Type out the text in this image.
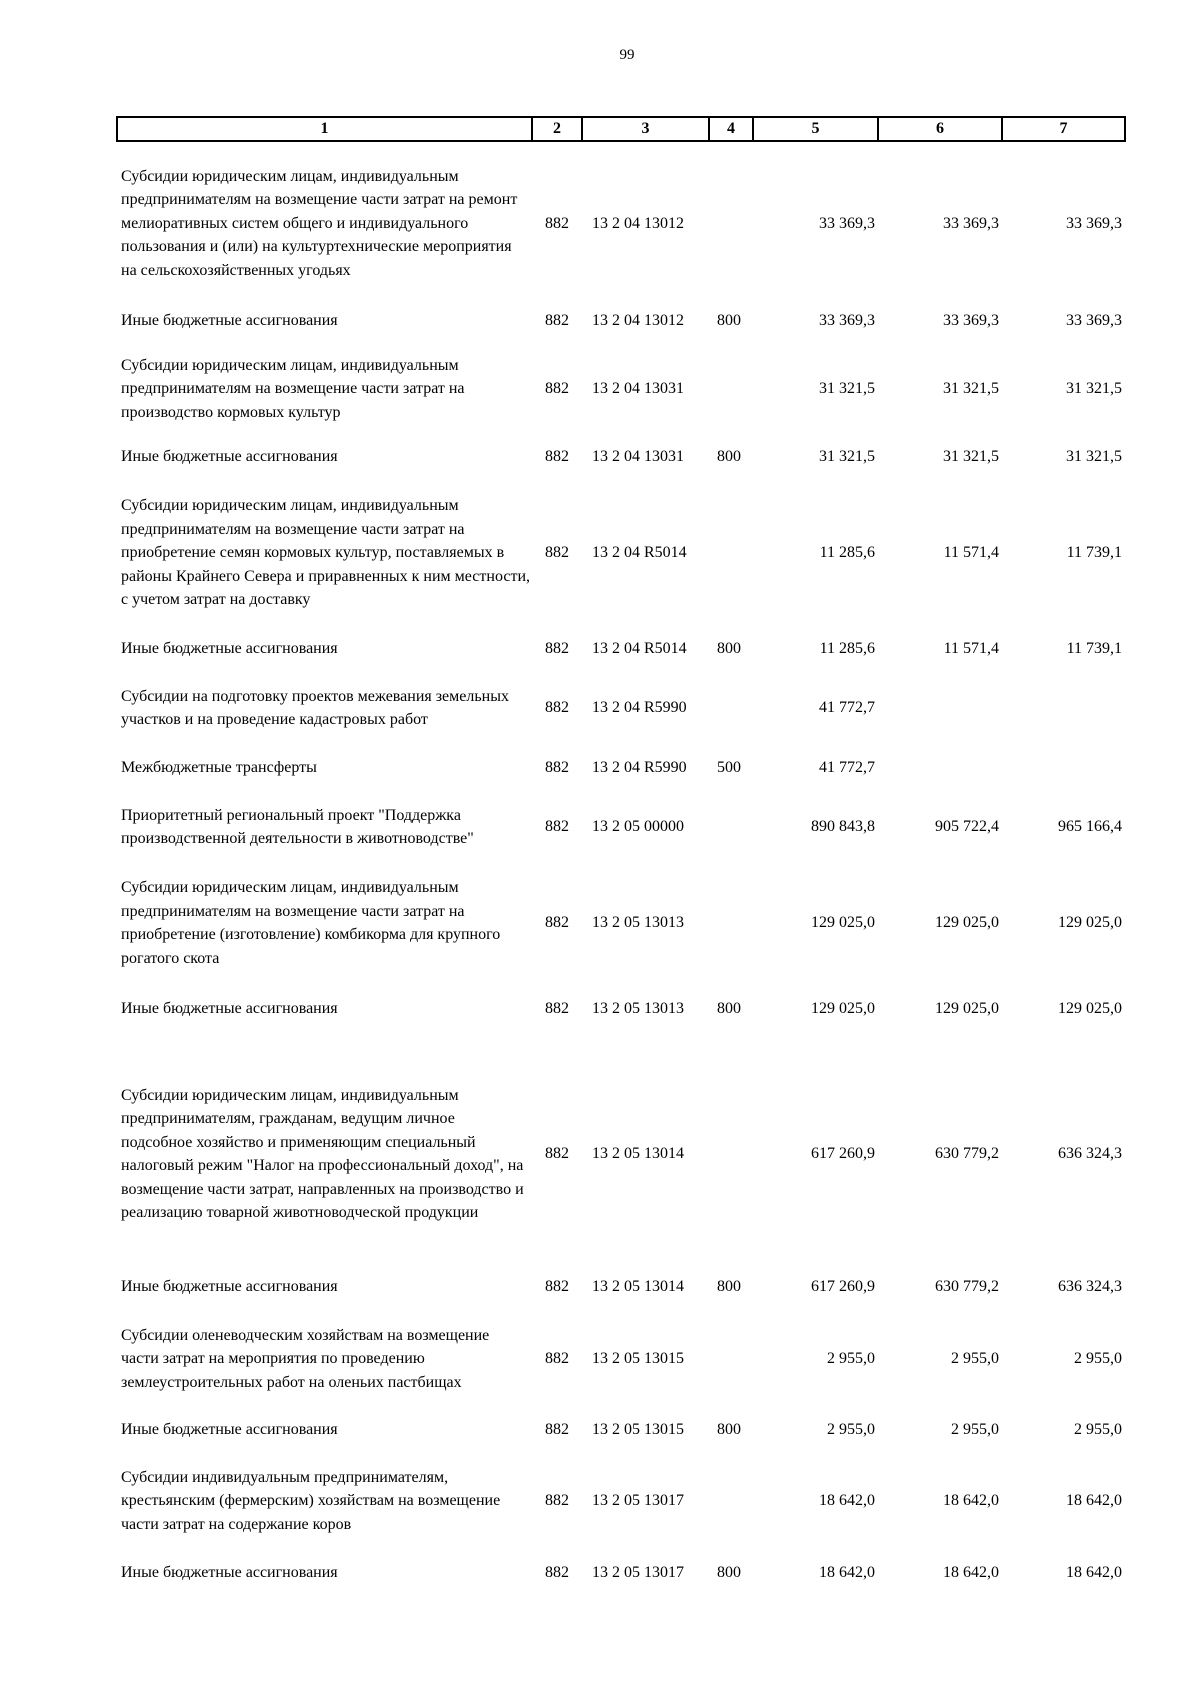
99
1	2	3	4	5	6	7
Субсидии юридическим лицам, индивидуальным предпринимателям на возмещение части затрат на ремонт мелиоративных систем общего и индивидуального пользования и (или) на культуртехнические мероприятия на сельскохозяйственных угодьях	882	13 2 04 13012		33 369,3	33 369,3	33 369,3
Иные бюджетные ассигнования	882	13 2 04 13012	800	33 369,3	33 369,3	33 369,3
Субсидии юридическим лицам, индивидуальным предпринимателям на возмещение части затрат на производство кормовых культур	882	13 2 04 13031		31 321,5	31 321,5	31 321,5
Иные бюджетные ассигнования	882	13 2 04 13031	800	31 321,5	31 321,5	31 321,5
Субсидии юридическим лицам, индивидуальным предпринимателям на возмещение части затрат на приобретение семян кормовых культур, поставляемых в районы Крайнего Севера и приравненных к ним местности, с учетом затрат на доставку	882	13 2 04 R5014		11 285,6	11 571,4	11 739,1
Иные бюджетные ассигнования	882	13 2 04 R5014	800	11 285,6	11 571,4	11 739,1
Субсидии на подготовку проектов межевания земельных участков и на проведение кадастровых работ	882	13 2 04 R5990		41 772,7		
Межбюджетные трансферты	882	13 2 04 R5990	500	41 772,7		
Приоритетный региональный проект "Поддержка производственной деятельности в животноводстве"	882	13 2 05 00000		890 843,8	905 722,4	965 166,4
Субсидии юридическим лицам, индивидуальным предпринимателям на возмещение части затрат на приобретение (изготовление) комбикорма для крупного рогатого скота	882	13 2 05 13013		129 025,0	129 025,0	129 025,0
Иные бюджетные ассигнования	882	13 2 05 13013	800	129 025,0	129 025,0	129 025,0
Субсидии юридическим лицам, индивидуальным предпринимателям, гражданам, ведущим личное подсобное хозяйство и применяющим специальный налоговый режим "Налог на профессиональный доход", на возмещение части затрат, направленных на производство и реализацию товарной животноводческой продукции	882	13 2 05 13014		617 260,9	630 779,2	636 324,3
Иные бюджетные ассигнования	882	13 2 05 13014	800	617 260,9	630 779,2	636 324,3
Субсидии оленеводческим хозяйствам на возмещение части затрат на мероприятия по проведению землеустроительных работ на оленьих пастбищах	882	13 2 05 13015		2 955,0	2 955,0	2 955,0
Иные бюджетные ассигнования	882	13 2 05 13015	800	2 955,0	2 955,0	2 955,0
Субсидии индивидуальным предпринимателям, крестьянским (фермерским) хозяйствам на возмещение части затрат на содержание коров	882	13 2 05 13017		18 642,0	18 642,0	18 642,0
Иные бюджетные ассигнования	882	13 2 05 13017	800	18 642,0	18 642,0	18 642,0
